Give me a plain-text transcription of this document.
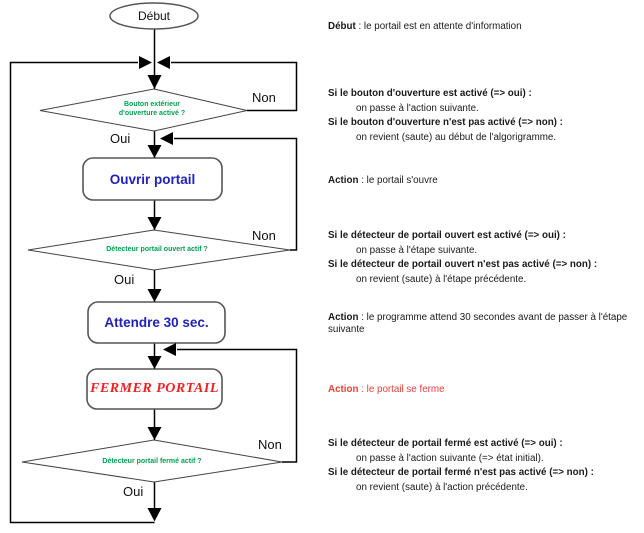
Début
Bouton extérieur
d'ouverture activé ?
Détecteur portail ouvert actif ?
Détecteur portail fermé actif ?
Ouvrir portail
Attendre 30 sec.
FERMER PORTAIL
Non
Oui
Non
Oui
Non
Oui
Début : le portail est en attente d'information
Si le bouton d'ouverture est activé (=> oui) :
on passe à l'action suivante.
Si le bouton d'ouverture n'est pas activé (=> non) :
on revient (saute) au début de l'algorigramme.
Action : le portail s'ouvre
Si le détecteur de portail ouvert est activé (=> oui) :
on passe à l'étape suivante.
Si le détecteur de portail ouvert n'est pas activé (=> non) :
on revient (saute) à l'étape précédente.
Action : le programme attend 30 secondes avant de passer à l'étape suivante
Action : le portail se ferme
Si le détecteur de portail fermé est activé (=> oui) :
on passe à l'action suivante (=> état initial).
Si le détecteur de portail fermé n'est pas activé (=> non) :
on revient (saute) à l'action précédente.
